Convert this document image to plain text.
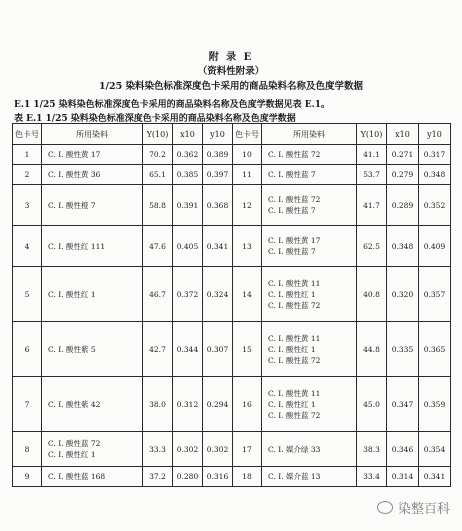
附 录 E
（资料性附录）
1/25 染料染色标准深度色卡采用的商品染料名称及色度学数据
E.1 1/25 染料染色标准深度色卡采用的商品染料名称及色度学数据见表 E.1。
表 E.1 1/25 染料染色标准深度色卡采用的商品染料名称及色度学数据
色卡号	所用染料	Y(10)	x10	y10	色卡号	所用染料	Y(10)	x10	y10
1	C. I. 酸性黄 17	70.2	0.362	0.389	10	C. I. 酸性蓝 72	41.1	0.271	0.317
2	C. I. 酸性黄 36	65.1	0.385	0.397	11	C. I. 酸性蓝 7	53.7	0.279	0.348
3	C. I. 酸性橙 7	58.8	0.391	0.368	12	C. I. 酸性蓝 72
C. I. 酸性蓝 7	41.7	0.289	0.352
4	C. I. 酸性红 111	47.6	0.405	0.341	13	C. I. 酸性黄 17
C. I. 酸性蓝 7	62.5	0.348	0.409
5	C. I. 酸性红 1	46.7	0.372	0.324	14	C. I. 酸性黄 11
C. I. 酸性红 1
C. I. 酸性蓝 72	40.8	0.320	0.357
6	C. I. 酸性紫 5	42.7	0.344	0.307	15	C. I. 酸性黄 11
C. I. 酸性红 1
C. I. 酸性蓝 72	44.8	0.335	0.365
7	C. I. 酸性紫 42	38.0	0.312	0.294	16	C. I. 酸性黄 11
C. I. 酸性红 1
C. I. 酸性蓝 72	45.0	0.347	0.359
8	C. I. 酸性蓝 72
C. I. 酸性红 1	33.3	0.302	0.302	17	C. I. 媒介绿 33	38.3	0.346	0.354
9	C. I. 酸性蓝 168	37.2	0.280	0.316	18	C. I. 媒介蓝 13	33.4	0.314	0.341
染整百科
